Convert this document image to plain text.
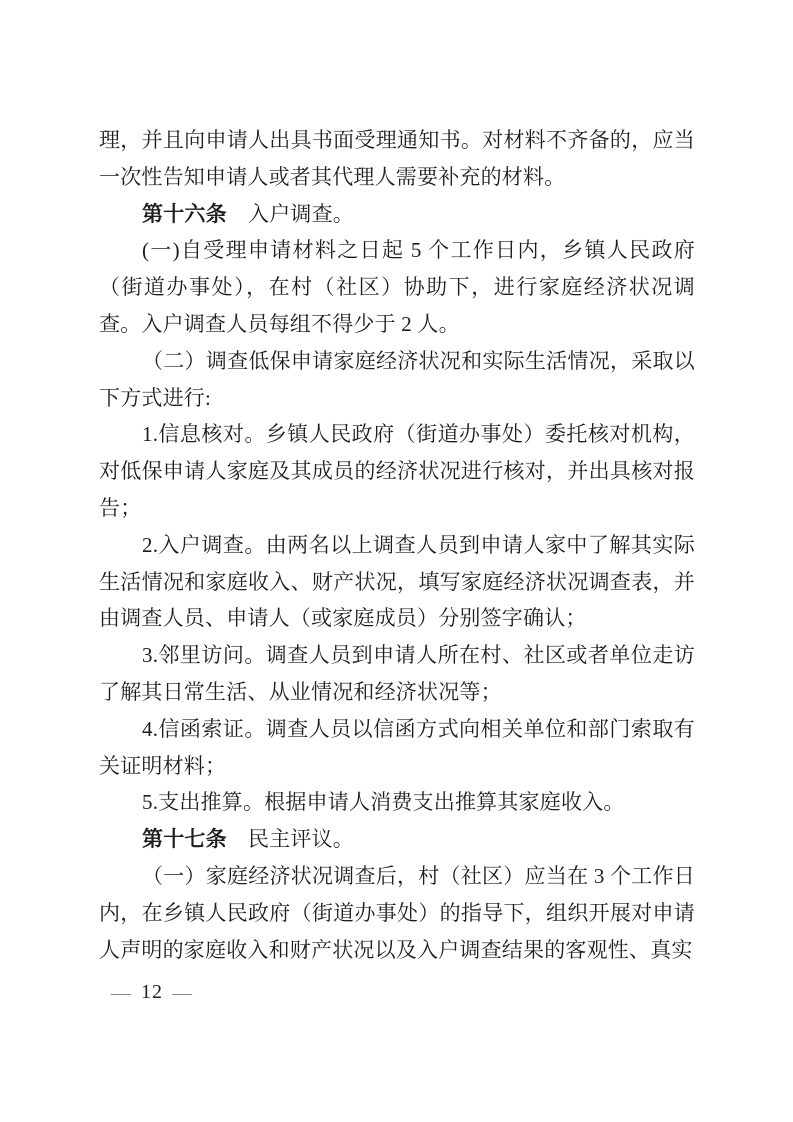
理，并且向申请人出具书面受理通知书。对材料不齐备的，应当一次性告知申请人或者其代理人需要补充的材料。

第十六条　入户调查。

(一)自受理申请材料之日起 5 个工作日内，乡镇人民政府（街道办事处），在村（社区）协助下，进行家庭经济状况调查。入户调查人员每组不得少于 2 人。

（二）调查低保申请家庭经济状况和实际生活情况，采取以下方式进行:

1.信息核对。乡镇人民政府（街道办事处）委托核对机构，对低保申请人家庭及其成员的经济状况进行核对，并出具核对报告；

2.入户调查。由两名以上调查人员到申请人家中了解其实际生活情况和家庭收入、财产状况，填写家庭经济状况调查表，并由调查人员、申请人（或家庭成员）分别签字确认；

3.邻里访问。调查人员到申请人所在村、社区或者单位走访了解其日常生活、从业情况和经济状况等；

4.信函索证。调查人员以信函方式向相关单位和部门索取有关证明材料；

5.支出推算。根据申请人消费支出推算其家庭收入。

第十七条　民主评议。

（一）家庭经济状况调查后，村（社区）应当在 3 个工作日内，在乡镇人民政府（街道办事处）的指导下，组织开展对申请人声明的家庭收入和财产状况以及入户调查结果的客观性、真实

— 12 —
